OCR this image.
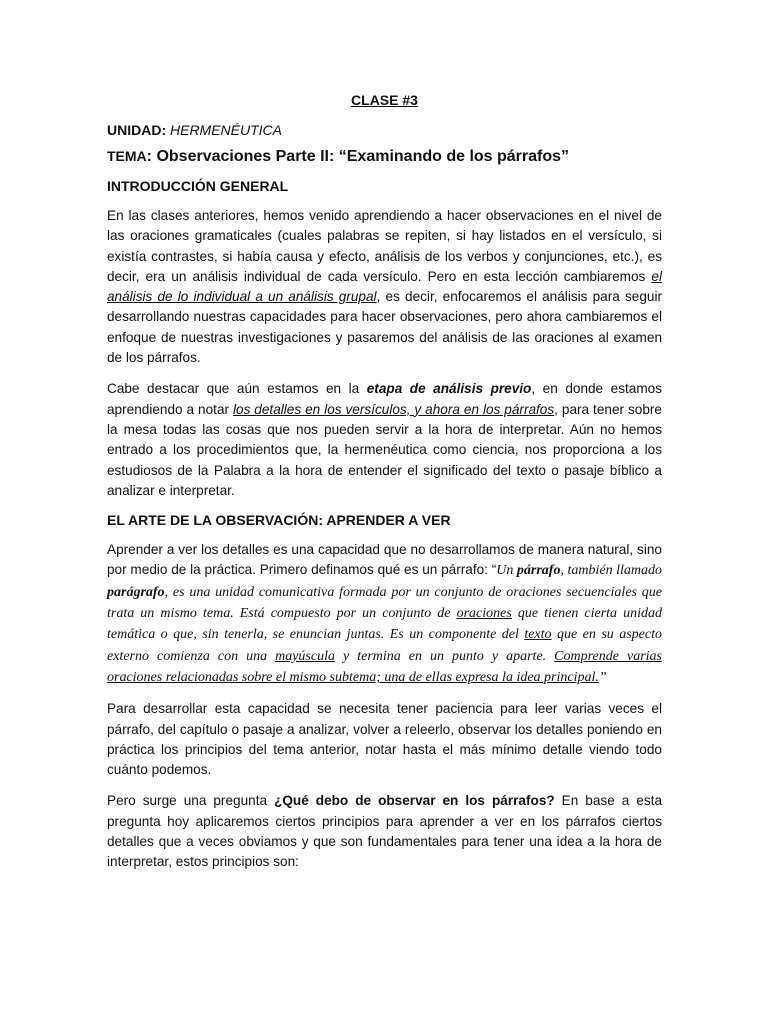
CLASE #3
UNIDAD: HERMENÉUTICA
TEMA: Observaciones Parte II: “Examinando de los párrafos”
INTRODUCCIÓN GENERAL

En las clases anteriores, hemos venido aprendiendo a hacer observaciones en el nivel de las oraciones gramaticales (cuales palabras se repiten, si hay listados en el versículo, si existía contrastes, si había causa y efecto, análisis de los verbos y conjunciones, etc.), es decir, era un análisis individual de cada versículo. Pero en esta lección cambiaremos el análisis de lo individual a un análisis grupal, es decir, enfocaremos el análisis para seguir desarrollando nuestras capacidades para hacer observaciones, pero ahora cambiaremos el enfoque de nuestras investigaciones y pasaremos del análisis de las oraciones al examen de los párrafos.

Cabe destacar que aún estamos en la etapa de análisis previo, en donde estamos aprendiendo a notar los detalles en los versículos, y ahora en los párrafos, para tener sobre la mesa todas las cosas que nos pueden servir a la hora de interpretar. Aún no hemos entrado a los procedimientos que, la hermenéutica como ciencia, nos proporciona a los estudiosos de la Palabra a la hora de entender el significado del texto o pasaje bíblico a analizar e interpretar.

EL ARTE DE LA OBSERVACIÓN: APRENDER A VER

Aprender a ver los detalles es una capacidad que no desarrollamos de manera natural, sino por medio de la práctica. Primero definamos qué es un párrafo: “Un párrafo, también llamado parágrafo, es una unidad comunicativa formada por un conjunto de oraciones secuenciales que trata un mismo tema. Está compuesto por un conjunto de oraciones que tienen cierta unidad temática o que, sin tenerla, se enuncian juntas. Es un componente del texto que en su aspecto externo comienza con una mayúscula y termina en un punto y aparte. Comprende varias oraciones relacionadas sobre el mismo subtema; una de ellas expresa la idea principal.”

Para desarrollar esta capacidad se necesita tener paciencia para leer varias veces el párrafo, del capítulo o pasaje a analizar, volver a releerlo, observar los detalles poniendo en práctica los principios del tema anterior, notar hasta el más mínimo detalle viendo todo cuánto podemos.

Pero surge una pregunta ¿Qué debo de observar en los párrafos? En base a esta pregunta hoy aplicaremos ciertos principios para aprender a ver en los párrafos ciertos detalles que a veces obviamos y que son fundamentales para tener una idea a la hora de interpretar, estos principios son:
